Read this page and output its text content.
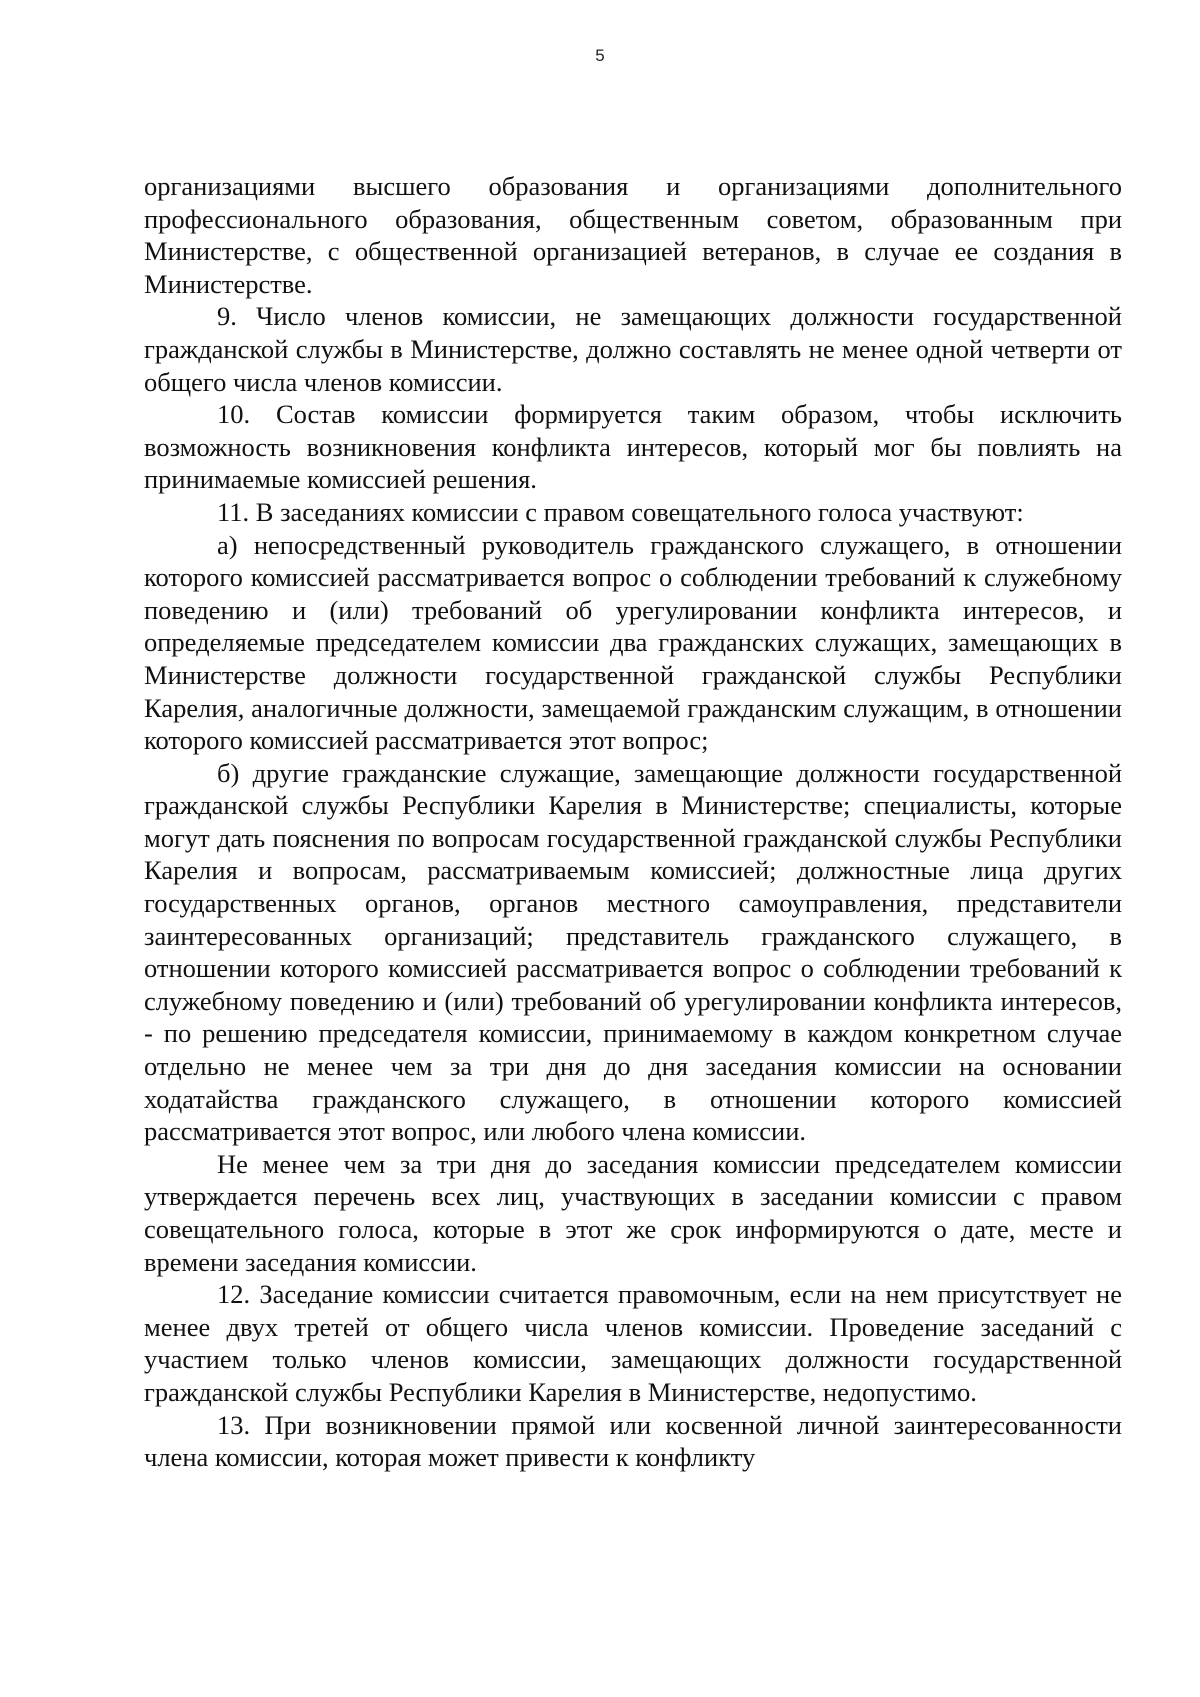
5

организациями высшего образования и организациями дополнительного профессионального образования, общественным советом, образованным при Министерстве, с общественной организацией ветеранов, в случае ее создания в Министерстве.

9. Число членов комиссии, не замещающих должности государственной гражданской службы в Министерстве, должно составлять не менее одной четверти от общего числа членов комиссии.

10. Состав комиссии формируется таким образом, чтобы исключить возможность возникновения конфликта интересов, который мог бы повлиять на принимаемые комиссией решения.

11. В заседаниях комиссии с правом совещательного голоса участвуют:

а) непосредственный руководитель гражданского служащего, в отношении которого комиссией рассматривается вопрос о соблюдении требований к служебному поведению и (или) требований об урегулировании конфликта интересов, и определяемые председателем комиссии два гражданских служащих, замещающих в Министерстве должности государственной гражданской службы Республики Карелия, аналогичные должности, замещаемой гражданским служащим, в отношении которого комиссией рассматривается этот вопрос;

б) другие гражданские служащие, замещающие должности государственной гражданской службы Республики Карелия в Министерстве; специалисты, которые могут дать пояснения по вопросам государственной гражданской службы Республики Карелия и вопросам, рассматриваемым комиссией; должностные лица других государственных органов, органов местного самоуправления, представители заинтересованных организаций; представитель гражданского служащего, в отношении которого комиссией рассматривается вопрос о соблюдении требований к служебному поведению и (или) требований об урегулировании конфликта интересов, - по решению председателя комиссии, принимаемому в каждом конкретном случае отдельно не менее чем за три дня до дня заседания комиссии на основании ходатайства гражданского служащего, в отношении которого комиссией рассматривается этот вопрос, или любого члена комиссии.

Не менее чем за три дня до заседания комиссии председателем комиссии утверждается перечень всех лиц, участвующих в заседании комиссии с правом совещательного голоса, которые в этот же срок информируются о дате, месте и времени заседания комиссии.

12. Заседание комиссии считается правомочным, если на нем присутствует не менее двух третей от общего числа членов комиссии. Проведение заседаний с участием только членов комиссии, замещающих должности государственной гражданской службы Республики Карелия в Министерстве, недопустимо.

13. При возникновении прямой или косвенной личной заинтересованности члена комиссии, которая может привести к конфликту
